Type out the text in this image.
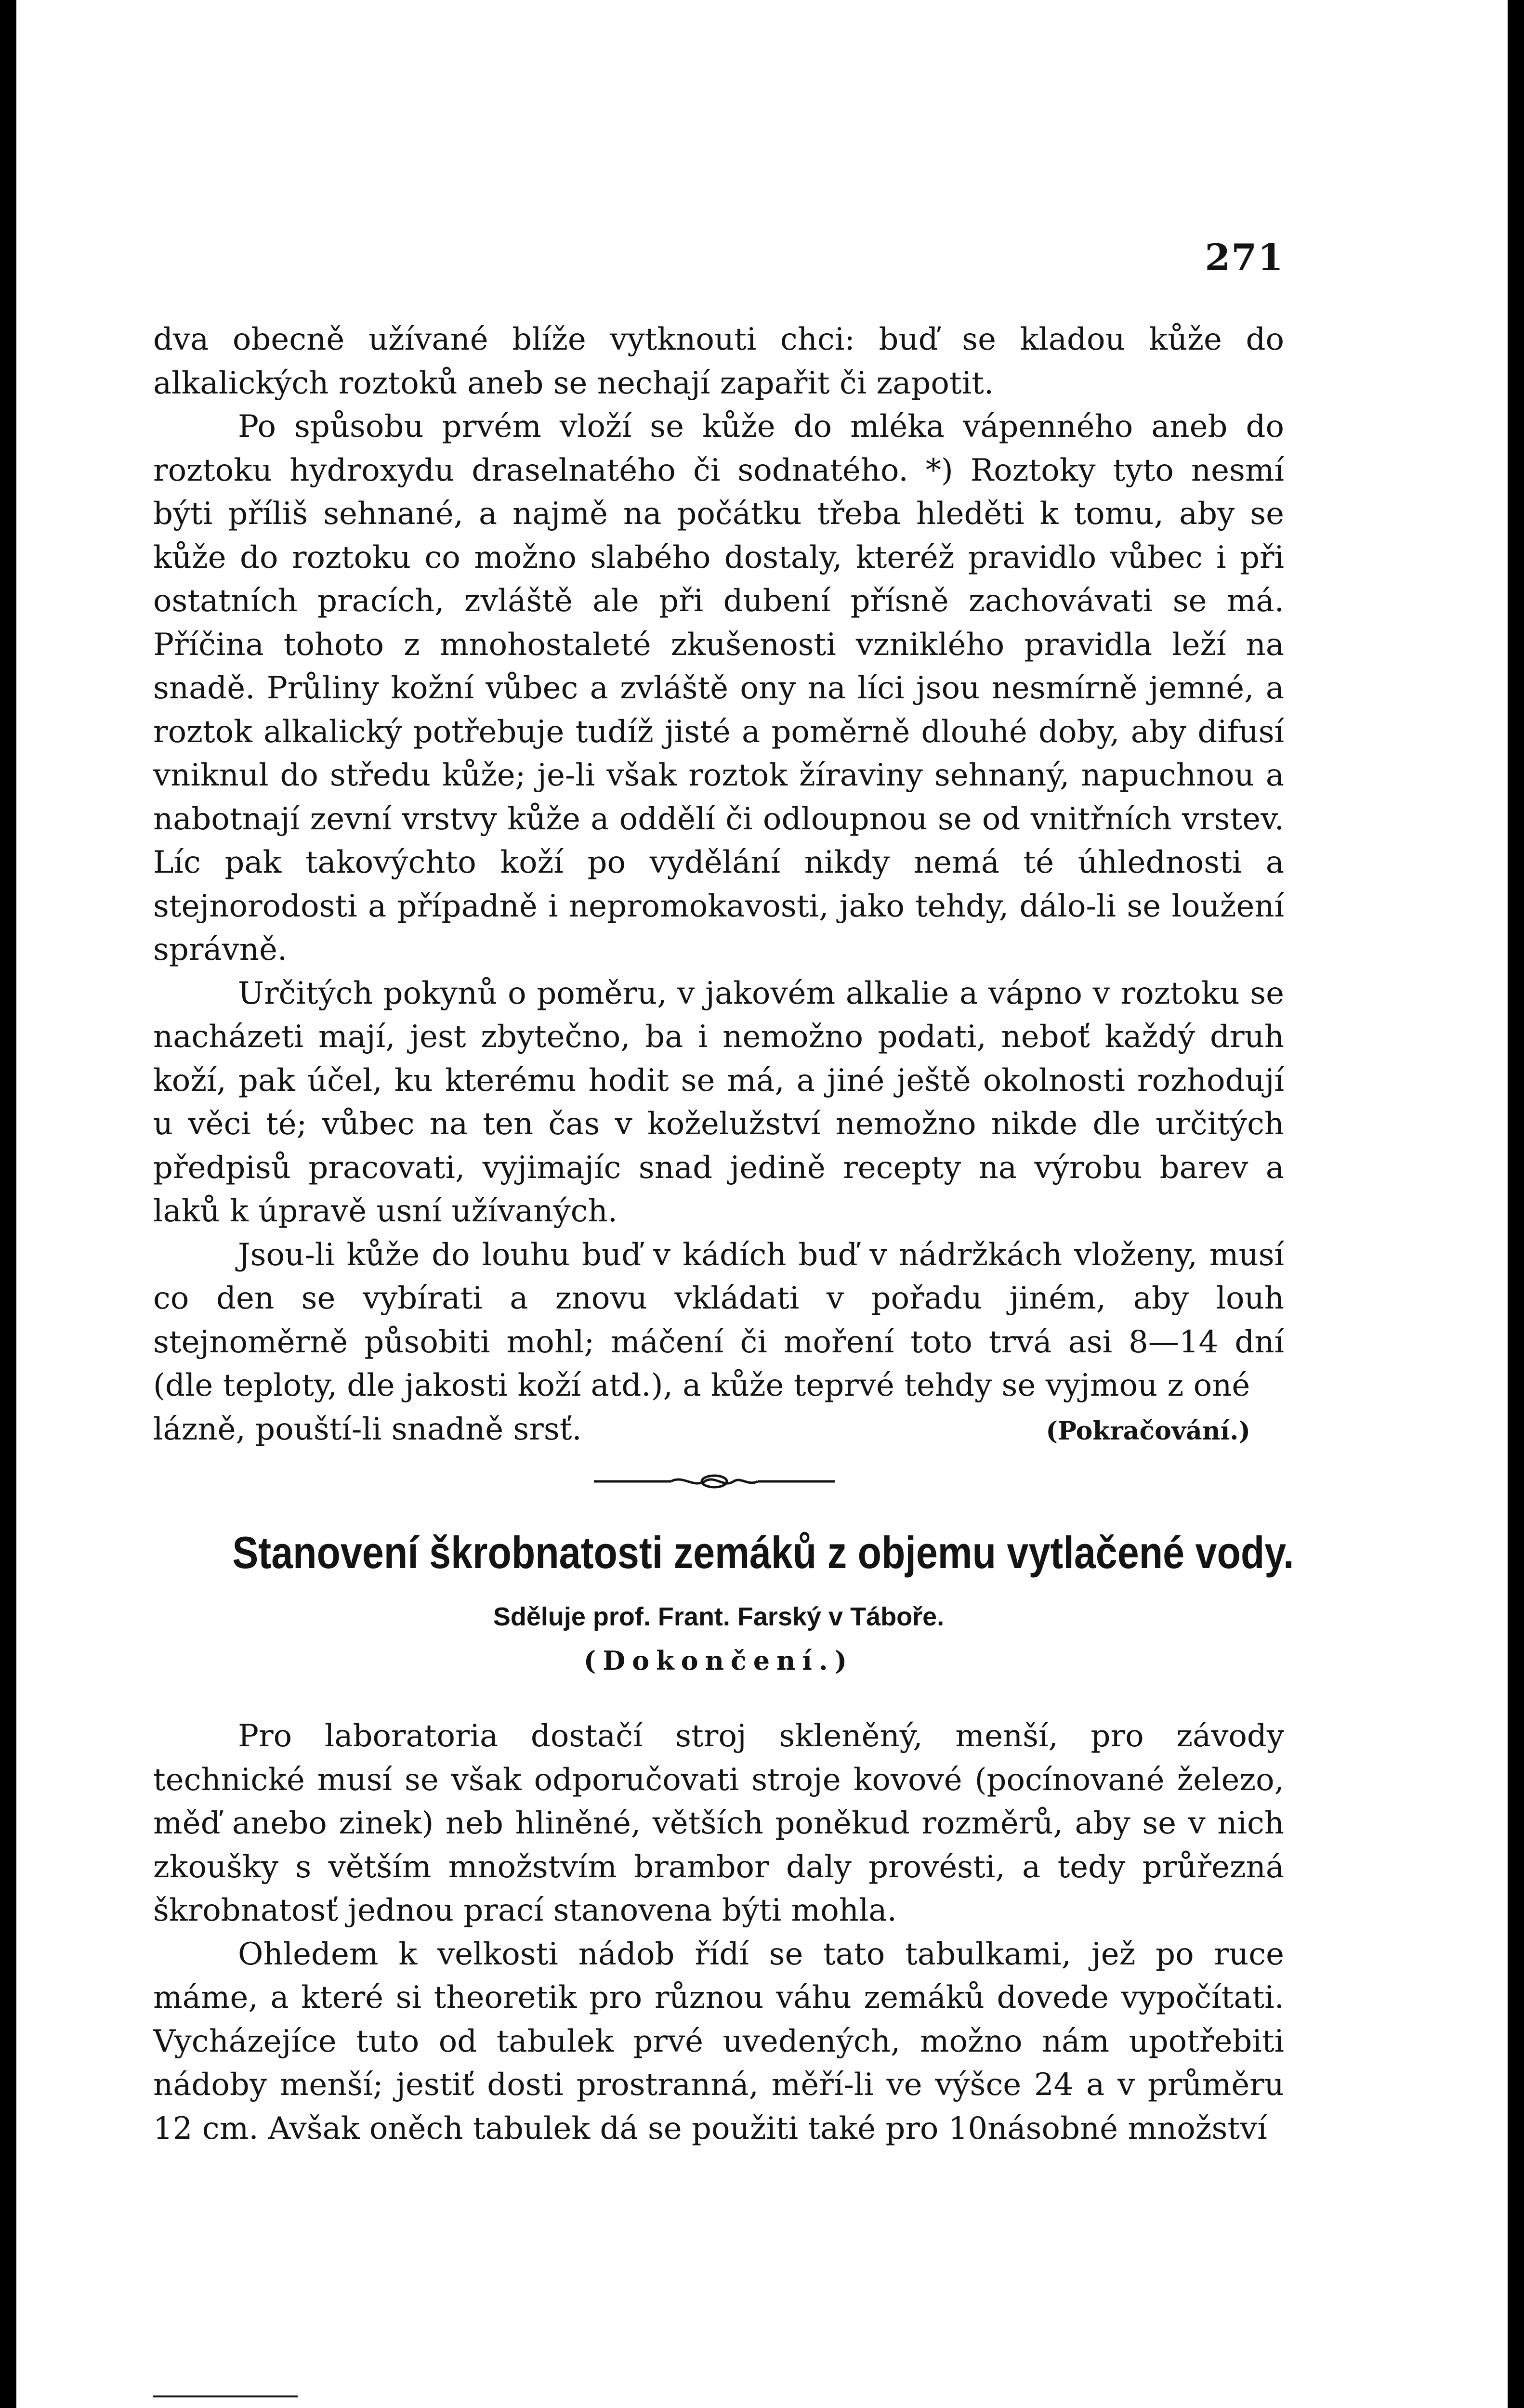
271

dva obecně užívané blíže vytknouti chci: buď se kladou kůže do alkalických roztoků aneb se nechají zapařit či zapotit.

Po spůsobu prvém vloží se kůže do mléka vápenného aneb do roztoku hydroxydu draselnatého či sodnatého. *) Roztoky tyto nesmí býti příliš sehnané, a najmě na počátku třeba hleděti k tomu, aby se kůže do roztoku co možno slabého dostaly, kteréž pravidlo vůbec i při ostatních pracích, zvláště ale při dubení přísně zachovávati se má. Příčina tohoto z mnohostaleté zkušenosti vzniklého pravidla leží na snadě. Průliny kožní vůbec a zvláště ony na líci jsou nesmírně jemné, a roztok alkalický potřebuje tudíž jisté a poměrně dlouhé doby, aby difusí vniknul do středu kůže; je-li však roztok žíraviny sehnaný, napuchnou a nabotnají zevní vrstvy kůže a oddělí či odloupnou se od vnitřních vrstev. Líc pak takovýchto koží po vydělání nikdy nemá té úhlednosti a stejnorodosti a případně i nepromokavosti, jako tehdy, dálo-li se loužení správně.

Určitých pokynů o poměru, v jakovém alkalie a vápno v roztoku se nacházeti mají, jest zbytečno, ba i nemožno podati, neboť každý druh koží, pak účel, ku kterému hodit se má, a jiné ještě okolnosti rozhodují u věci té; vůbec na ten čas v koželužství nemožno nikde dle určitých předpisů pracovati, vyjimajíc snad jedině recepty na výrobu barev a laků k úpravě usní užívaných.

Jsou-li kůže do louhu buď v kádích buď v nádržkách vloženy, musí co den se vybírati a znovu vkládati v pořadu jiném, aby louh stejnoměrně působiti mohl; máčení či moření toto trvá asi 8—14 dní (dle teploty, dle jakosti koží atd.), a kůže teprvé tehdy se vyjmou z oné

lázně, pouští-li snadně srsť.	(Pokračování.)

Stanovení škrobnatosti zemáků z objemu vytlačené vody.
Sděluje prof. Frant. Farský v Táboře.
(Dokončení.)

Pro laboratoria dostačí stroj skleněný, menší, pro závody technické musí se však odporučovati stroje kovové (pocínované železo, měď anebo zinek) neb hliněné, větších poněkud rozměrů, aby se v nich zkoušky s větším množstvím brambor daly provésti, a tedy průřezná škrobnatosť jednou prací stanovena býti mohla.

Ohledem k velkosti nádob řídí se tato tabulkami, jež po ruce máme, a které si theoretik pro různou váhu zemáků dovede vypočítati. Vycházejíce tuto od tabulek prvé uvedených, možno nám upotřebiti nádoby menší; jestiť dosti prostranná, měří-li ve výšce 24 a v průměru 12 cm. Avšak oněch tabulek dá se použiti také pro 10násobné množství
